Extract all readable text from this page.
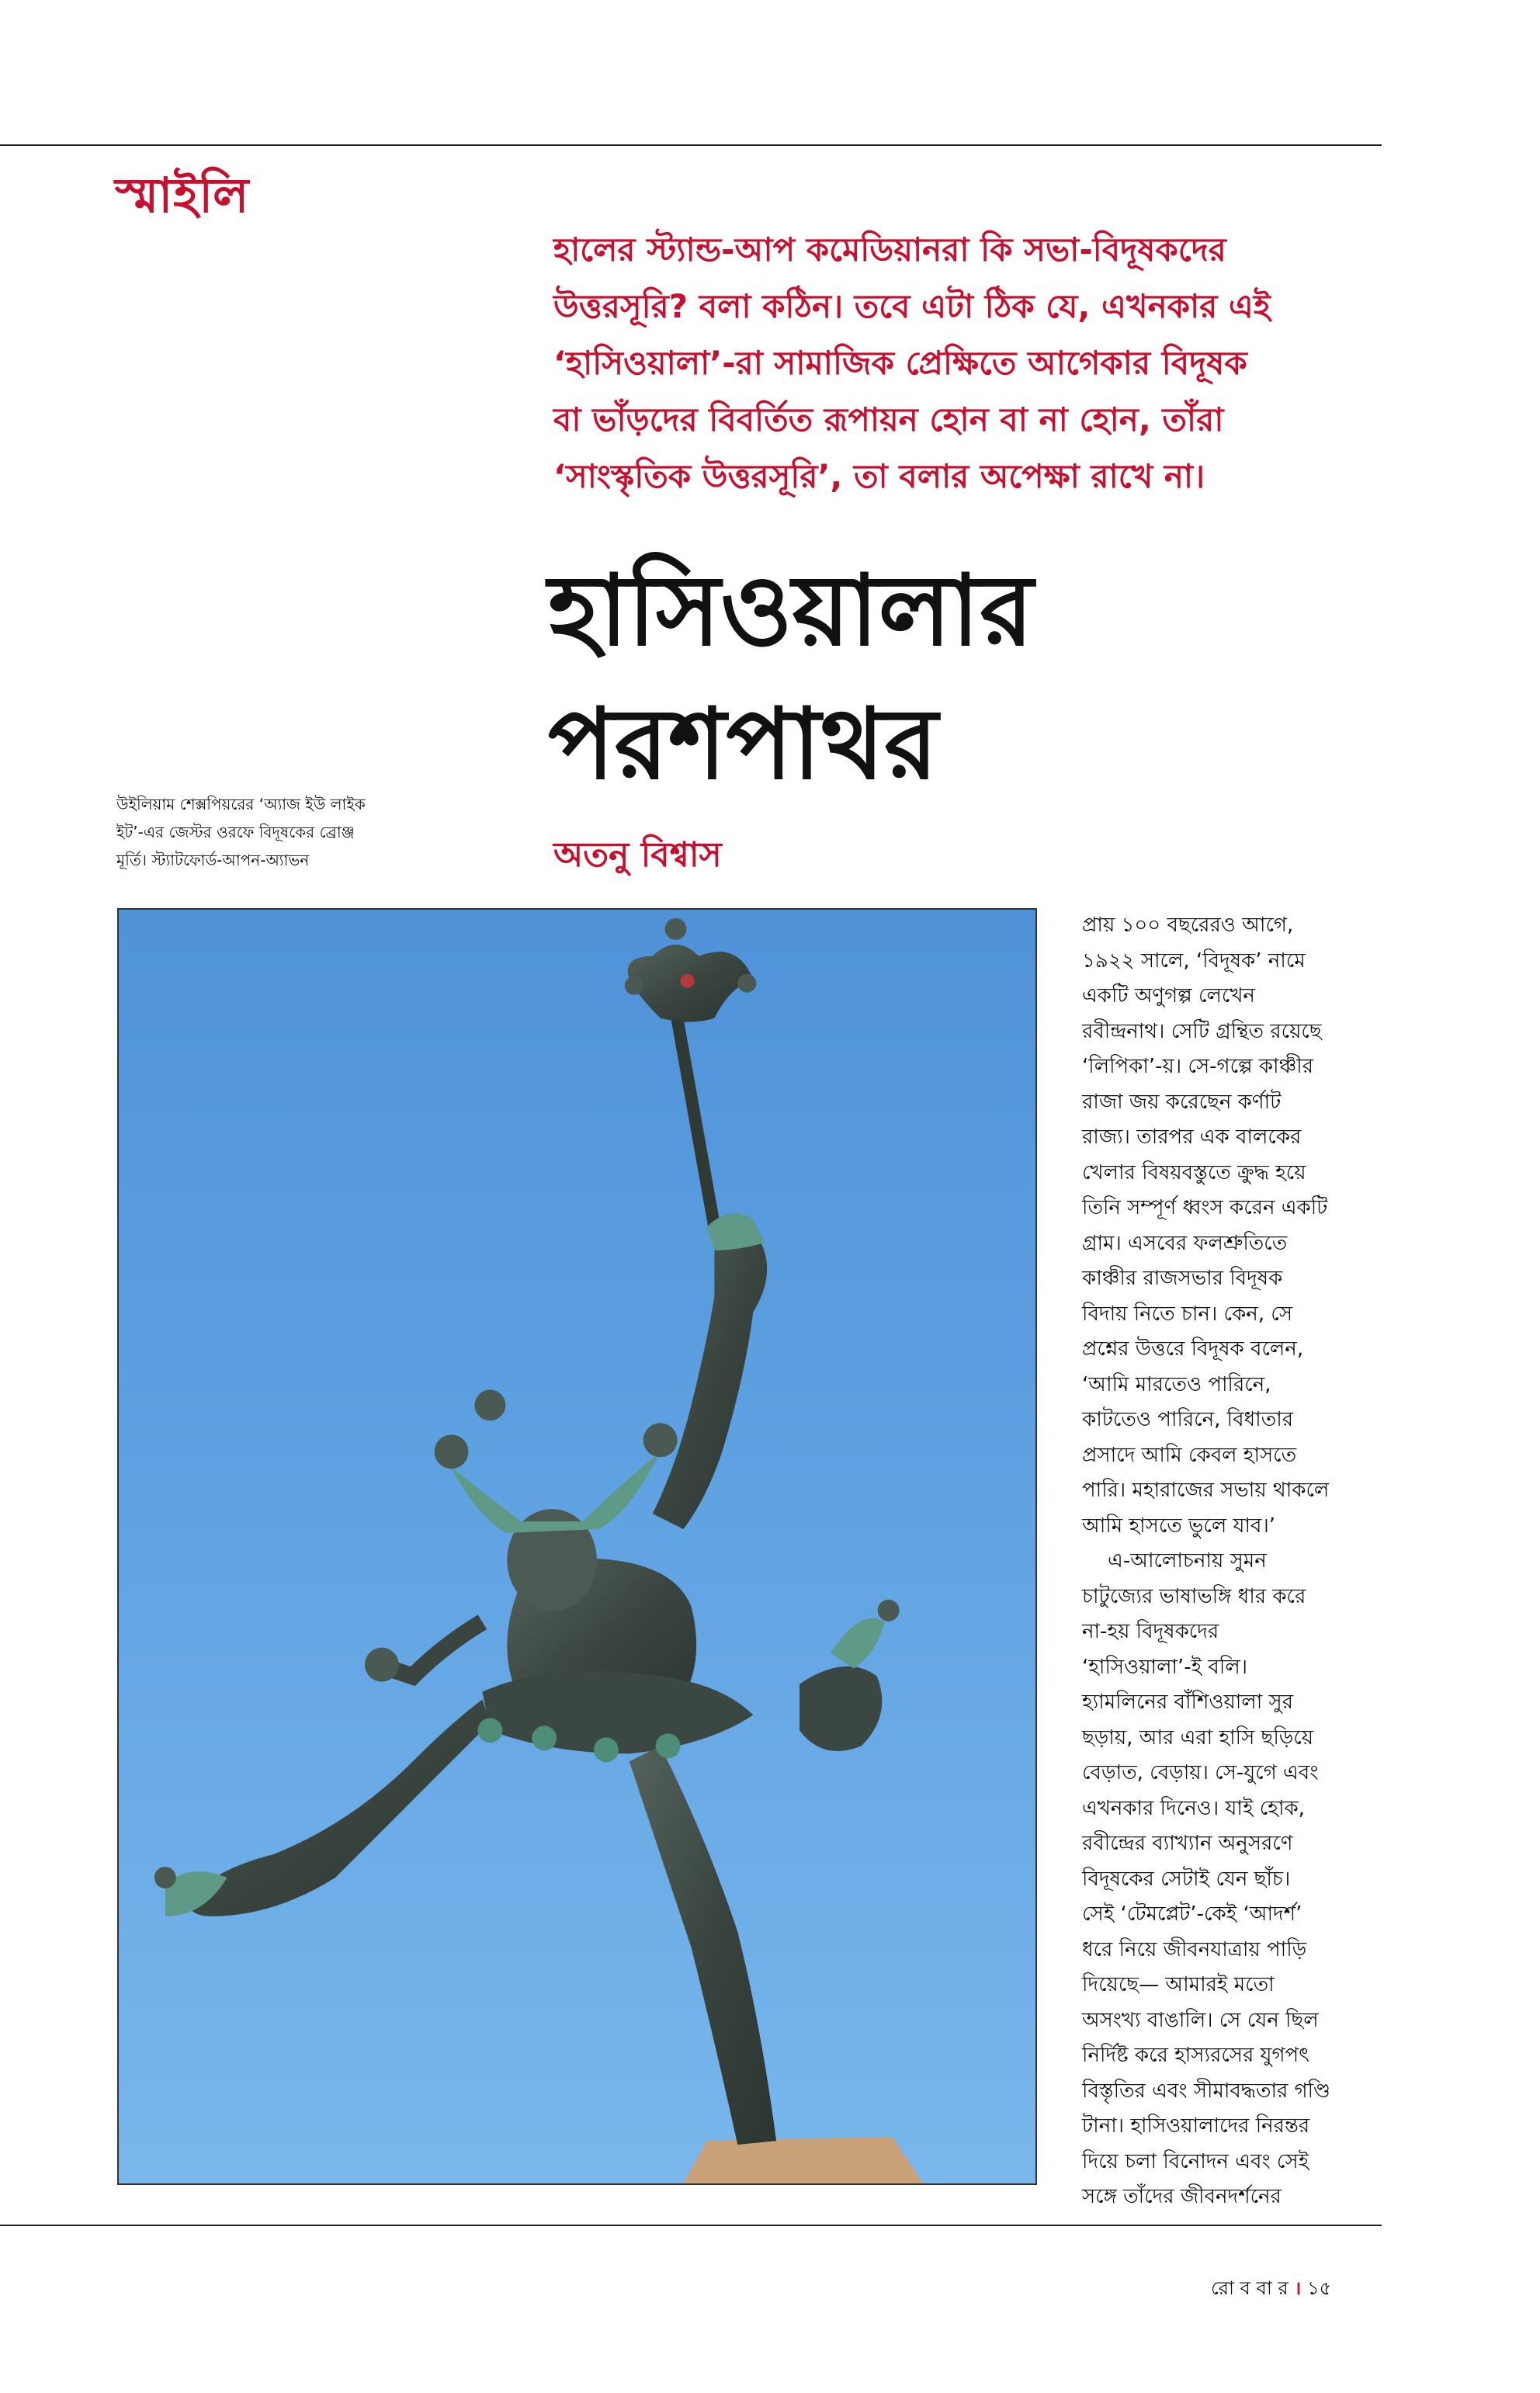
স্মাইলি
হালের স্ট্যান্ড-আপ কমেডিয়ানরা কি সভা-বিদূষকদের
উত্তরসূরি? বলা কঠিন। তবে এটা ঠিক যে, এখনকার এই
‘হাসিওয়ালা’-রা সামাজিক প্রেক্ষিতে আগেকার বিদূষক
বা ভাঁড়দের বিবর্তিত রূপায়ন হোন বা না হোন, তাঁরা
‘সাংস্কৃতিক উত্তরসূরি’, তা বলার অপেক্ষা রাখে না।
হাসিওয়ালার
পরশপাথর
উইলিয়াম শেক্সপিয়রের ‘অ্যাজ ইউ লাইক
ইট’-এর জেস্টর ওরফে বিদূষকের ব্রোঞ্জ
মূর্তি। স্ট্যাটফোর্ড-আপন-অ্যাভন	অতনু বিশ্বাস
প্রায় ১০০ বছরেরও আগে,
১৯২২ সালে, ‘বিদূষক’ নামে
একটি অণুগল্প লেখেন
রবীন্দ্রনাথ। সেটি গ্রন্থিত রয়েছে
‘লিপিকা’-য়। সে-গল্পে কাঞ্চীর
রাজা জয় করেছেন কর্ণাট
রাজ্য। তারপর এক বালকের
খেলার বিষয়বস্তুতে ক্রুদ্ধ হয়ে
তিনি সম্পূর্ণ ধ্বংস করেন একটি
গ্রাম। এসবের ফলশ্রুতিতে
কাঞ্চীর রাজসভার বিদূষক
বিদায় নিতে চান। কেন, সে
প্রশ্নের উত্তরে বিদূষক বলেন,
‘আমি মারতেও পারিনে,
কাটতেও পারিনে, বিধাতার
প্রসাদে আমি কেবল হাসতে
পারি। মহারাজের সভায় থাকলে
আমি হাসতে ভুলে যাব।’
এ-আলোচনায় সুমন
চাটুজ্যের ভাষাভঙ্গি ধার করে
না-হয় বিদূষকদের
‘হাসিওয়ালা’-ই বলি।
হ্যামলিনের বাঁশিওয়ালা সুর
ছড়ায়, আর এরা হাসি ছড়িয়ে
বেড়াত, বেড়ায়। সে-যুগে এবং
এখনকার দিনেও। যাই হোক,
রবীন্দ্রের ব্যাখ্যান অনুসরণে
বিদূষকের সেটাই যেন ছাঁচ।
সেই ‘টেমপ্লেট’-কেই ‘আদর্শ’
ধরে নিয়ে জীবনযাত্রায় পাড়ি
দিয়েছে— আমারই মতো
অসংখ্য বাঙালি। সে যেন ছিল
নির্দিষ্ট করে হাস্যরসের যুগপৎ
বিস্তৃতির এবং সীমাবদ্ধতার গণ্ডি
টানা। হাসিওয়ালাদের নিরন্তর
দিয়ে চলা বিনোদন এবং সেই
সঙ্গে তাঁদের জীবনদর্শনের
রো ব বা র । ১৫
